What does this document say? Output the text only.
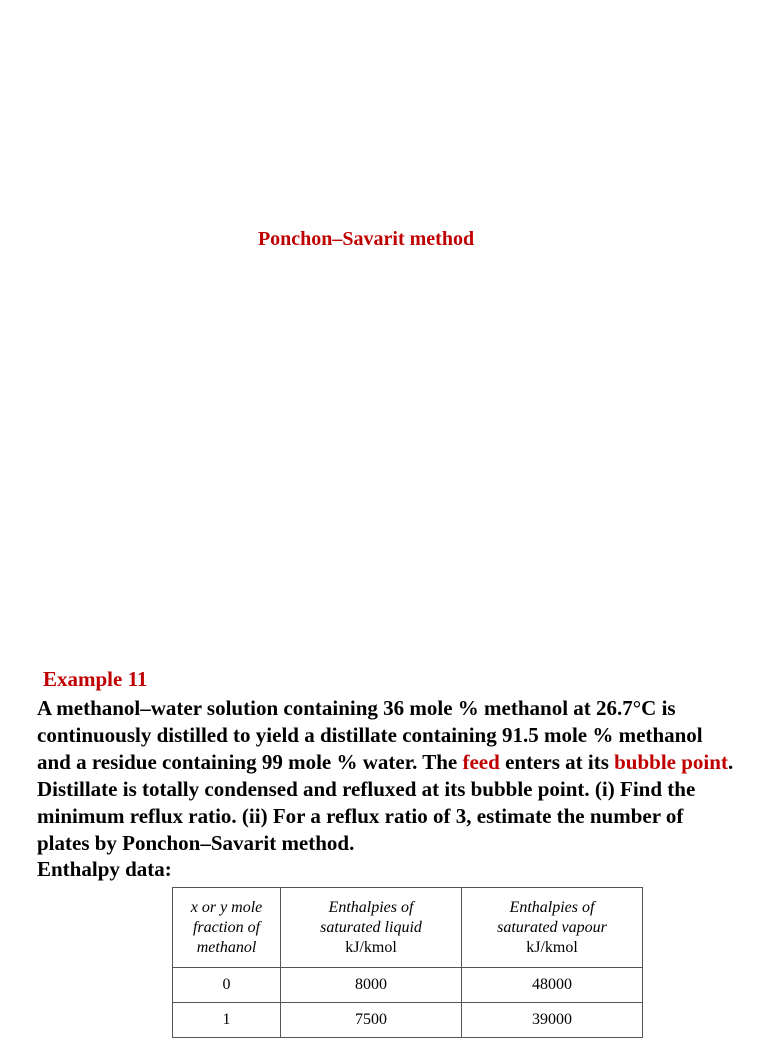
Ponchon–Savarit method
Example 11

A methanol–water solution containing 36 mole % methanol at 26.7°C is continuously distilled to yield a distillate containing 91.5 mole % methanol and a residue containing 99 mole % water. The feed enters at its bubble point. Distillate is totally condensed and refluxed at its bubble point. (i) Find the minimum reflux ratio. (ii) For a reflux ratio of 3, estimate the number of plates by Ponchon–Savarit method.

Enthalpy data:
x or y mole
fraction of
methanol	Enthalpies of
saturated liquid
kJ/kmol	Enthalpies of
saturated vapour
kJ/kmol

0	8000	48000
1	7500	39000
